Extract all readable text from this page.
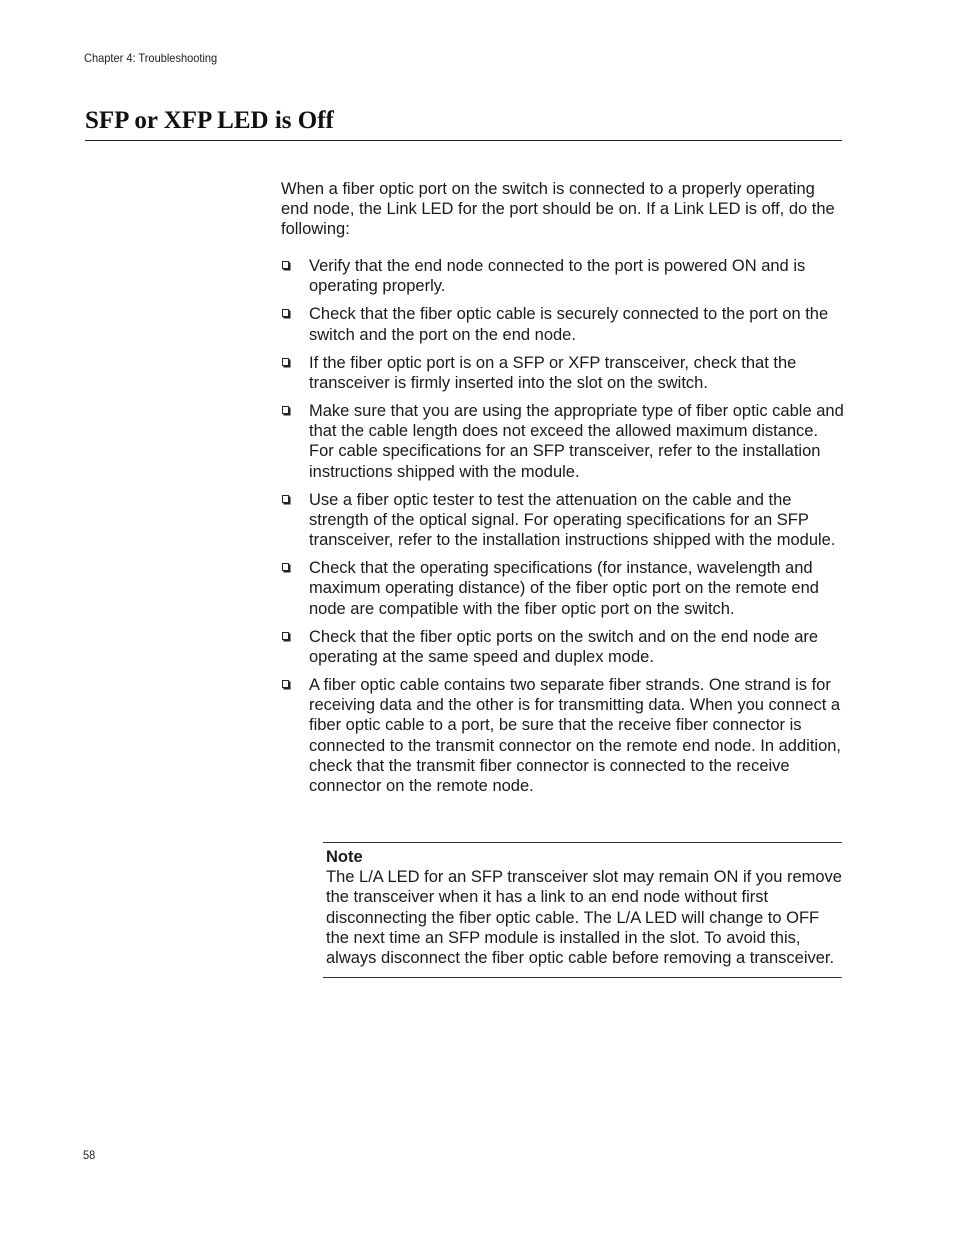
Chapter 4: Troubleshooting
SFP or XFP LED is Off

When a fiber optic port on the switch is connected to a properly operating end node, the Link LED for the port should be on. If a Link LED is off, do the following:

Verify that the end node connected to the port is powered ON and is operating properly.
Check that the fiber optic cable is securely connected to the port on the switch and the port on the end node.
If the fiber optic port is on a SFP or XFP transceiver, check that the transceiver is firmly inserted into the slot on the switch.
Make sure that you are using the appropriate type of fiber optic cable and that the cable length does not exceed the allowed maximum distance. For cable specifications for an SFP transceiver, refer to the installation instructions shipped with the module.
Use a fiber optic tester to test the attenuation on the cable and the strength of the optical signal. For operating specifications for an SFP transceiver, refer to the installation instructions shipped with the module.
Check that the operating specifications (for instance, wavelength and maximum operating distance) of the fiber optic port on the remote end node are compatible with the fiber optic port on the switch.
Check that the fiber optic ports on the switch and on the end node are operating at the same speed and duplex mode.
A fiber optic cable contains two separate fiber strands. One strand is for receiving data and the other is for transmitting data. When you connect a fiber optic cable to a port, be sure that the receive fiber connector is connected to the transmit connector on the remote end node. In addition, check that the transmit fiber connector is connected to the receive connector on the remote node.
Note
The L/A LED for an SFP transceiver slot may remain ON if you remove the transceiver when it has a link to an end node without first disconnecting the fiber optic cable. The L/A LED will change to OFF the next time an SFP module is installed in the slot. To avoid this, always disconnect the fiber optic cable before removing a transceiver.
58
